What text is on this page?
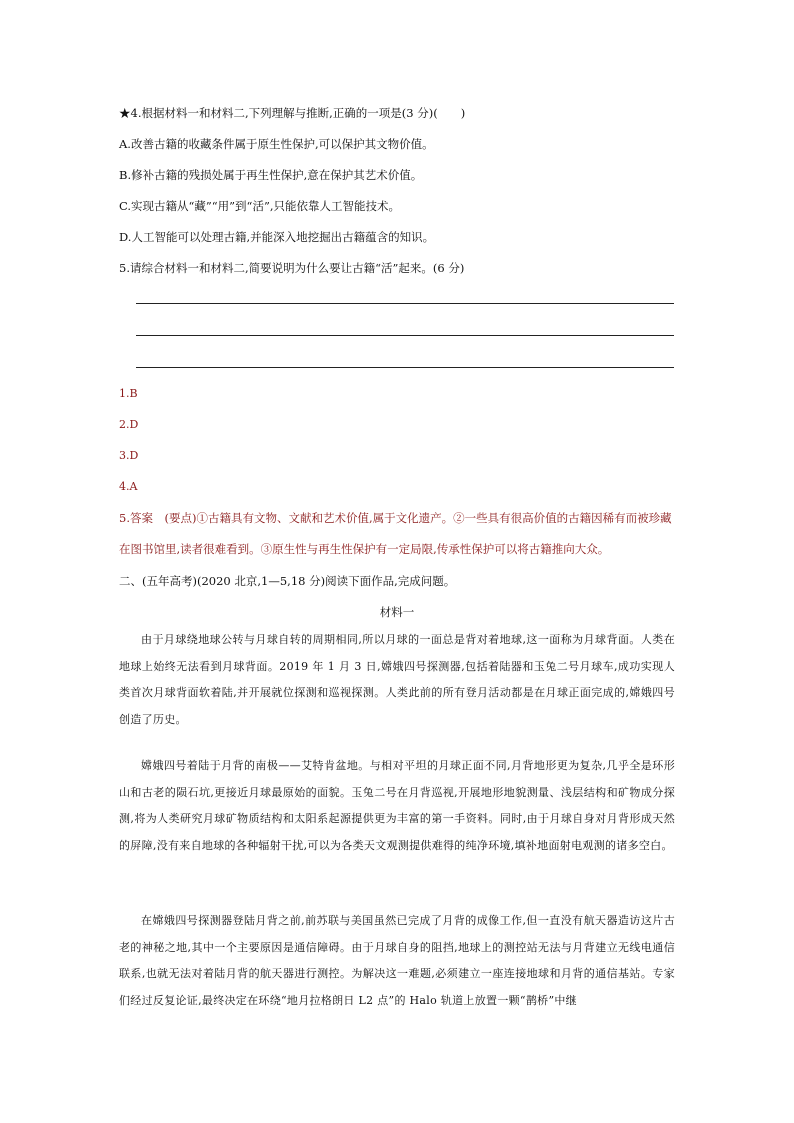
★4.根据材料一和材料二,下列理解与推断,正确的一项是(3 分)(　　)
A.改善古籍的收藏条件属于原生性保护,可以保护其文物价值。
B.修补古籍的残损处属于再生性保护,意在保护其艺术价值。
C.实现古籍从“藏”“用”到“活”,只能依靠人工智能技术。
D.人工智能可以处理古籍,并能深入地挖掘出古籍蕴含的知识。
5.请综合材料一和材料二,简要说明为什么要让古籍“活”起来。(6 分)
1.B
2.D
3.D
4.A
5.答案　(要点)①古籍具有文物、文献和艺术价值,属于文化遗产。②一些具有很高价值的古籍因稀有而被珍藏在图书馆里,读者很难看到。③原生性与再生性保护有一定局限,传承性保护可以将古籍推向大众。
二、(五年高考)(2020 北京,1—5,18 分)阅读下面作品,完成问题。
材料一
由于月球绕地球公转与月球自转的周期相同,所以月球的一面总是背对着地球,这一面称为月球背面。人类在地球上始终无法看到月球背面。2019 年 1 月 3 日,嫦娥四号探测器,包括着陆器和玉兔二号月球车,成功实现人类首次月球背面软着陆,并开展就位探测和巡视探测。人类此前的所有登月活动都是在月球正面完成的,嫦娥四号创造了历史。
嫦娥四号着陆于月背的南极——艾特肯盆地。与相对平坦的月球正面不同,月背地形更为复杂,几乎全是环形山和古老的陨石坑,更接近月球最原始的面貌。玉兔二号在月背巡视,开展地形地貌测量、浅层结构和矿物成分探测,将为人类研究月球矿物质结构和太阳系起源提供更为丰富的第一手资料。同时,由于月球自身对月背形成天然的屏障,没有来自地球的各种辐射干扰,可以为各类天文观测提供难得的纯净环境,填补地面射电观测的诸多空白。
在嫦娥四号探测器登陆月背之前,前苏联与美国虽然已完成了月背的成像工作,但一直没有航天器造访这片古老的神秘之地,其中一个主要原因是通信障碍。由于月球自身的阻挡,地球上的测控站无法与月背建立无线电通信联系,也就无法对着陆月背的航天器进行测控。为解决这一难题,必须建立一座连接地球和月背的通信基站。专家们经过反复论证,最终决定在环绕“地月拉格朗日 L2 点”的 Halo 轨道上放置一颗“鹊桥”中继
